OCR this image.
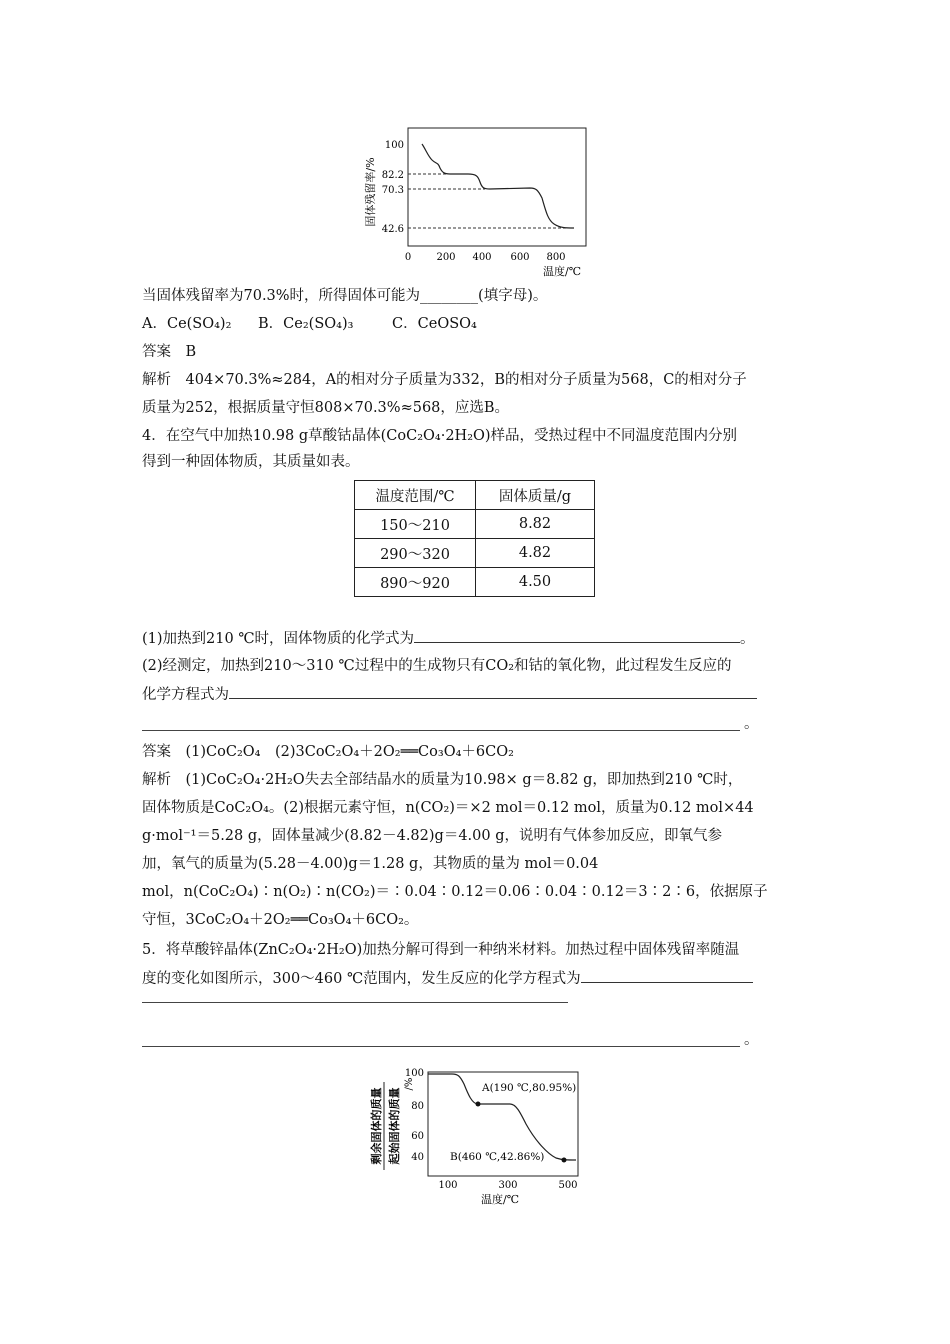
固体残留率/%
100
82.2
70.3
42.6
0	200 400 600 800
温度/℃
当固体残留率为70.3%时，所得固体可能为________(填字母)。
A．Ce(SO₄)₂ B．Ce₂(SO₄)₃	C．CeOSO₄
答案　B
解析　404×70.3%≈284，A的相对分子质量为332，B的相对分子质量为568，C的相对分子
质量为252，根据质量守恒808×70.3%≈568，应选B。
4．在空气中加热10.98 g草酸钴晶体(CoC₂O₄·2H₂O)样品，受热过程中不同温度范围内分别
得到一种固体物质，其质量如表。
温度范围/℃	固体质量/g
150～210	8.82
290～320	4.82
890～920	4.50
(1)加热到210 ℃时，固体物质的化学式为	。
(2)经测定，加热到210～310 ℃过程中的生成物只有CO₂和钴的氧化物，此过程发生反应的
化学方程式为
。
答案　(1)CoC₂O₄　(2)3CoC₂O₄＋2O₂══Co₃O₄＋6CO₂
解析　(1)CoC₂O₄·2H₂O失去全部结晶水的质量为10.98× g＝8.82 g，即加热到210 ℃时，
固体物质是CoC₂O₄。(2)根据元素守恒，n(CO₂)＝×2 mol＝0.12 mol，质量为0.12 mol×44
g·mol⁻¹＝5.28 g，固体量减少(8.82－4.82)g＝4.00 g，说明有气体参加反应，即氧气参
加，氧气的质量为(5.28－4.00)g＝1.28 g，其物质的量为 mol＝0.04
mol，n(CoC₂O₄)∶n(O₂)∶n(CO₂)＝∶0.04∶0.12＝0.06∶0.04∶0.12＝3∶2∶6，依据原子
守恒，3CoC₂O₄＋2O₂══Co₃O₄＋6CO₂。
5．将草酸锌晶体(ZnC₂O₄·2H₂O)加热分解可得到一种纳米材料。加热过程中固体残留率随温
度的变化如图所示，300～460 ℃范围内，发生反应的化学方程式为
。
剩余固体的质量 起始固体的质量
/%
100
80
60
40
A(190 ℃,80.95%)
B(460 ℃,42.86%)
100	300	500
温度/℃
